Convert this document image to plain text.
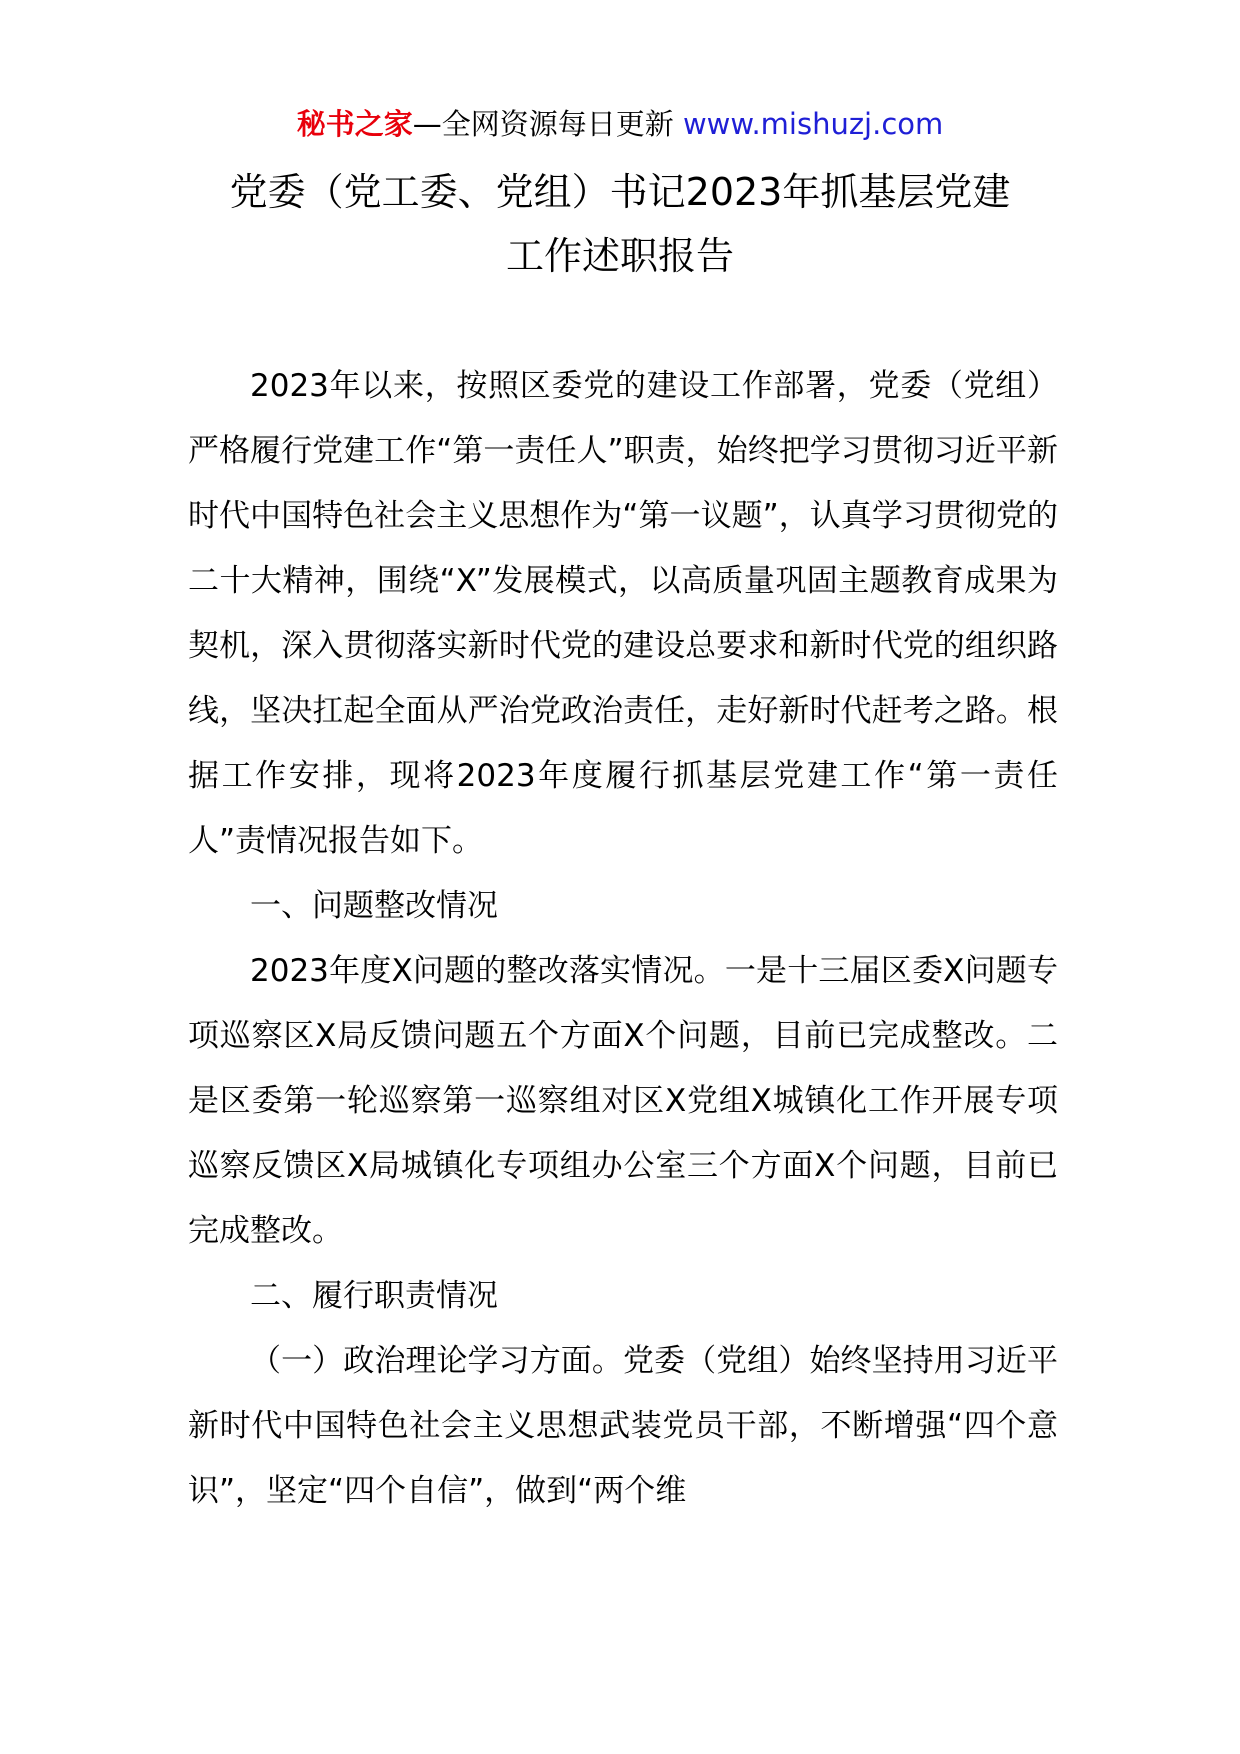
秘书之家—全网资源每日更新 www.mishuzj.com
党委（党工委、党组）书记2023年抓基层党建
工作述职报告

2023年以来，按照区委党的建设工作部署，党委（党组）严格履行党建工作“第一责任人”职责，始终把学习贯彻习近平新时代中国特色社会主义思想作为“第一议题”，认真学习贯彻党的二十大精神，围绕“X”发展模式，以高质量巩固主题教育成果为契机，深入贯彻落实新时代党的建设总要求和新时代党的组织路线，坚决扛起全面从严治党政治责任，走好新时代赶考之路。根据工作安排，现将2023年度履行抓基层党建工作“第一责任人”责情况报告如下。

一、问题整改情况

2023年度X问题的整改落实情况。一是十三届区委X问题专项巡察区X局反馈问题五个方面X个问题，目前已完成整改。二是区委第一轮巡察第一巡察组对区X党组X城镇化工作开展专项巡察反馈区X局城镇化专项组办公室三个方面X个问题，目前已完成整改。

二、履行职责情况

（一）政治理论学习方面。党委（党组）始终坚持用习近平新时代中国特色社会主义思想武装党员干部，不断增强“四个意识”，坚定“四个自信”，做到“两个维
